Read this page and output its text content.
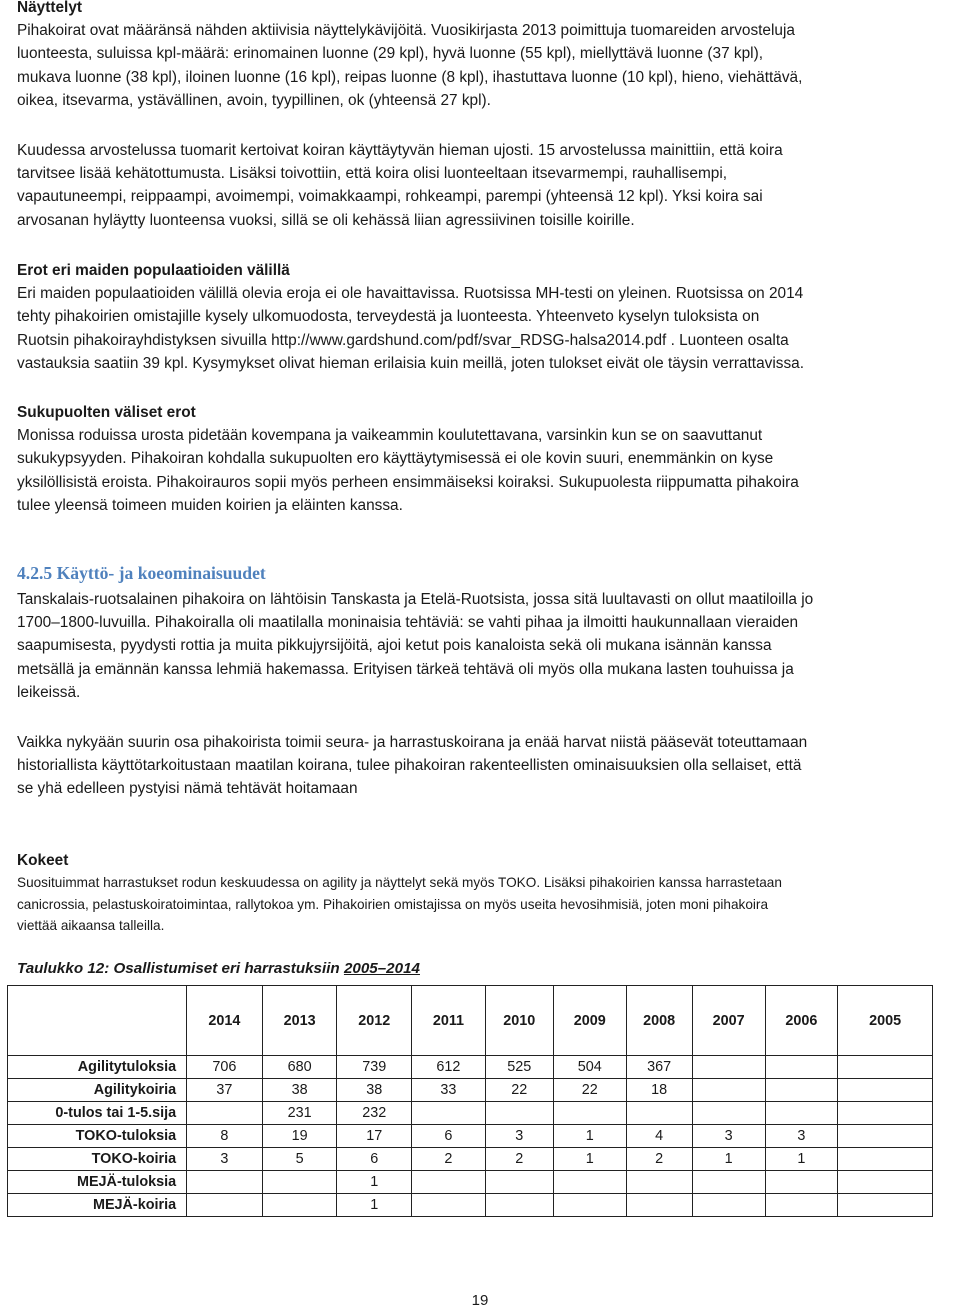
Näyttelyt

Pihakoirat ovat määränsä nähden aktiivisia näyttelykävijöitä. Vuosikirjasta 2013 poimittuja tuomareiden arvosteluja

luonteesta, suluissa kpl-määrä: erinomainen luonne (29 kpl), hyvä luonne (55 kpl), miellyttävä luonne (37 kpl),

mukava luonne (38 kpl), iloinen luonne (16 kpl), reipas luonne (8 kpl), ihastuttava luonne (10 kpl), hieno, viehättävä,

oikea, itsevarma, ystävällinen, avoin, tyypillinen, ok (yhteensä 27 kpl).

Kuudessa arvostelussa tuomarit kertoivat koiran käyttäytyvän hieman ujosti. 15 arvostelussa mainittiin, että koira

tarvitsee lisää kehätottumusta. Lisäksi toivottiin, että koira olisi luonteeltaan itsevarmempi, rauhallisempi,

vapautuneempi, reippaampi, avoimempi, voimakkaampi, rohkeampi, parempi (yhteensä 12 kpl). Yksi koira sai

arvosanan hyläytty luonteensa vuoksi, sillä se oli kehässä liian agressiivinen toisille koirille.

Erot eri maiden populaatioiden välillä

Eri maiden populaatioiden välillä olevia eroja ei ole havaittavissa. Ruotsissa MH-testi on yleinen. Ruotsissa on 2014

tehty pihakoirien omistajille kysely ulkomuodosta, terveydestä ja luonteesta. Yhteenveto kyselyn tuloksista on

Ruotsin pihakoirayhdistyksen sivuilla http://www.gardshund.com/pdf/svar_RDSG-halsa2014.pdf . Luonteen osalta

vastauksia saatiin 39 kpl. Kysymykset olivat hieman erilaisia kuin meillä, joten tulokset eivät ole täysin verrattavissa.

Sukupuolten väliset erot

Monissa roduissa urosta pidetään kovempana ja vaikeammin koulutettavana, varsinkin kun se on saavuttanut

sukukypsyyden. Pihakoiran kohdalla sukupuolten ero käyttäytymisessä ei ole kovin suuri, enemmänkin on kyse

yksilöllisistä eroista. Pihakoirauros sopii myös perheen ensimmäiseksi koiraksi. Sukupuolesta riippumatta pihakoira

tulee yleensä toimeen muiden koirien ja eläinten kanssa.

4.2.5 Käyttö- ja koeominaisuudet

Tanskalais-ruotsalainen pihakoira on lähtöisin Tanskasta ja Etelä-Ruotsista, jossa sitä luultavasti on ollut maatiloilla jo

1700–1800-luvuilla. Pihakoiralla oli maatilalla moninaisia tehtäviä: se vahti pihaa ja ilmoitti haukunnallaan vieraiden

saapumisesta, pyydysti rottia ja muita pikkujyrsijöitä, ajoi ketut pois kanaloista sekä oli mukana isännän kanssa

metsällä ja emännän kanssa lehmiä hakemassa. Erityisen tärkeä tehtävä oli myös olla mukana lasten touhuissa ja

leikeissä.

Vaikka nykyään suurin osa pihakoirista toimii seura- ja harrastuskoirana ja enää harvat niistä pääsevät toteuttamaan

historiallista käyttötarkoitustaan maatilan koirana, tulee pihakoiran rakenteellisten ominaisuuksien olla sellaiset, että

se yhä edelleen pystyisi nämä tehtävät hoitamaan

Kokeet

Suosituimmat harrastukset rodun keskuudessa on agility ja näyttelyt sekä myös TOKO. Lisäksi pihakoirien kanssa harrastetaan

canicrossia, pelastuskoiratoimintaa, rallytokoa ym. Pihakoirien omistajissa on myös useita hevosihmisiä, joten moni pihakoira

viettää aikaansa talleilla.

Taulukko 12: Osallistumiset eri harrastuksiin 2005–2014
	2014	2013	2012	2011	2010	2009	2008	2007	2006	2005
Agilitytuloksia	706	680	739	612	525	504	367			
Agilitykoiria	37	38	38	33	22	22	18			
0-tulos tai 1-5.sija		231	232							
TOKO-tuloksia	8	19	17	6	3	1	4	3	3	
TOKO-koiria	3	5	6	2	2	1	2	1	1	
MEJÄ-tuloksia			1							
MEJÄ-koiria			1							
19
